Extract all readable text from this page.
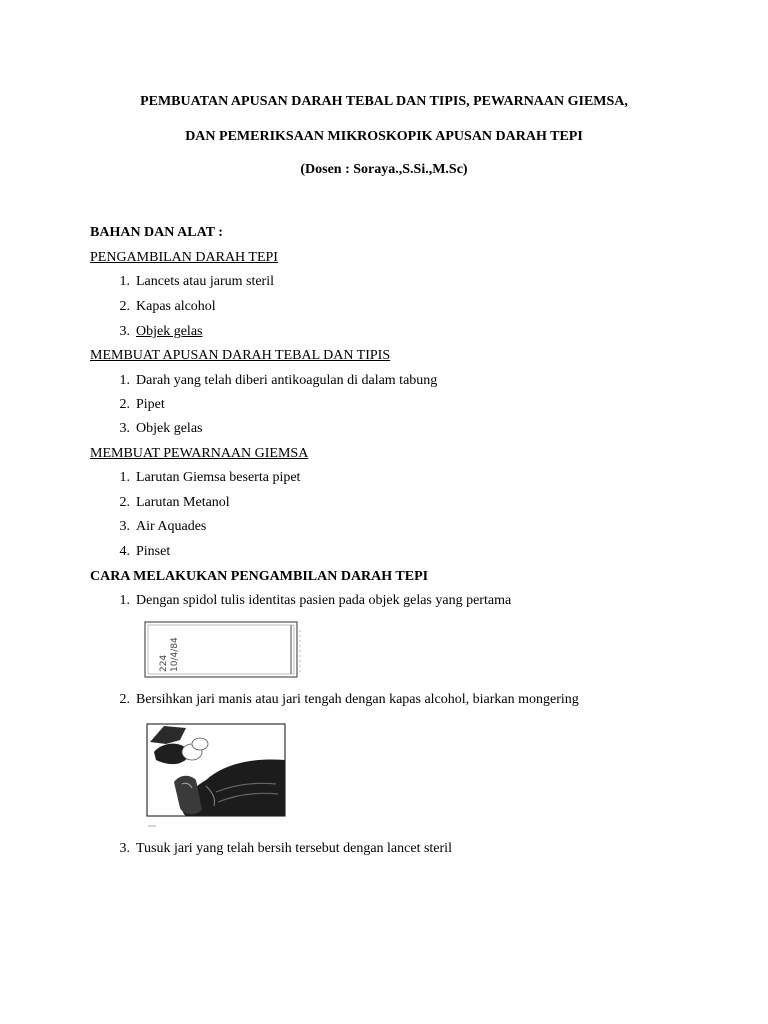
PEMBUATAN APUSAN DARAH TEBAL DAN TIPIS, PEWARNAAN GIEMSA,
DAN PEMERIKSAAN MIKROSKOPIK APUSAN DARAH TEPI
(Dosen : Soraya.,S.Si.,M.Sc)
BAHAN DAN ALAT :
PENGAMBILAN DARAH TEPI
1. Lancets atau jarum steril
2. Kapas alcohol
3. Objek gelas
MEMBUAT APUSAN DARAH TEBAL DAN TIPIS
1. Darah yang telah diberi antikoagulan di dalam tabung
2. Pipet
3. Objek gelas
MEMBUAT PEWARNAAN GIEMSA
1. Larutan Giemsa beserta pipet
2. Larutan Metanol
3. Air Aquades
4. Pinset
CARA MELAKUKAN PENGAMBILAN DARAH TEPI
1. Dengan spidol tulis identitas pasien pada objek gelas yang pertama
224 10/4/84
2. Bersihkan jari manis atau jari tengah dengan kapas alcohol, biarkan mongering
3. Tusuk jari yang telah bersih tersebut dengan lancet steril
